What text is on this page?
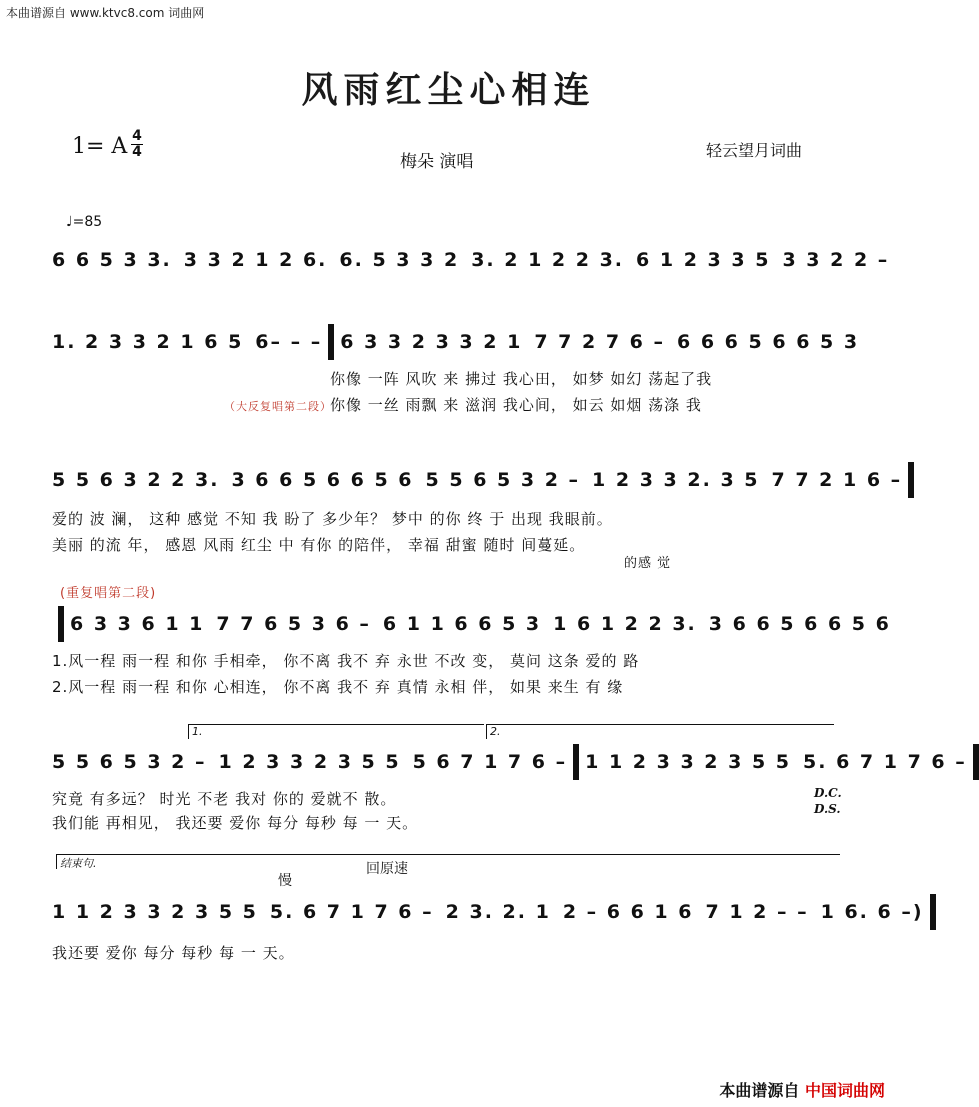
本曲谱源自 www.ktvc8.com 词曲网
风雨红尘心相连
1= A 4
4	梅朵 演唱
轻云望月词曲
♩=85
6 6 5 3 3. 3 3 2 1 2 6. 6. 5 3 3 2 3. 2 1 2 2 3. 6 1 2 3 3 5 3 3 2 2 –
1. 2 3 3 2 1 6 5 6– – – 6 3 3 2 3 3 2 1 7 7 2 7 6 – 6 6 6 5 6 6 5 3
你像 一阵 风吹 来 拂过 我心田， 如梦 如幻 荡起了我
你像 一丝 雨飘 来 滋润 我心间， 如云 如烟 荡涤 我
（大反复唱第二段）
5 5 6 3 2 2 3. 3 6 6 5 6 6 5 6 5 5 6 5 3 2 – 1 2 3 3 2. 3 5 7 7 2 1 6 –
爱的 波 澜， 这种 感觉 不知 我 盼了 多少年？ 梦中 的你 终 于 出现 我眼前。
美丽 的流 年， 感恩 风雨 红尘 中 有你 的陪伴， 幸福 甜蜜 随时 间蔓延。
的感 觉
(重复唱第二段)
6 3 3 6 1 1 7 7 6 5 3 6 – 6 1 1 6 6 5 3 1 6 1 2 2 3. 3 6 6 5 6 6 5 6
1.风一程 雨一程 和你 手相牵， 你不离 我不 弃 永世 不改 变， 莫问 这条 爱的 路
2.风一程 雨一程 和你 心相连， 你不离 我不 弃 真情 永相 伴， 如果 来生 有 缘
1.	2.
5 5 6 5 3 2 – 1 2 3 3 2 3 5 5 5 6 7 1 7 6 – 1 1 2 3 3 2 3 5 5 5. 6 7 1 7 6 –
究竟 有多远？ 时光 不老 我对 你的 爱就不 散。
我们能 再相见， 我还要 爱你 每分 每秒 每 一 天。
D.C.
D.S.
结束句.
慢
回原速
1 1 2 3 3 2 3 5 5 5. 6 7 1 7 6 – 2 3. 2. 1 2 – 6 6 1 6 7 1 2 – – 1 6. 6 –)
我还要 爱你 每分 每秒 每 一 天。
本曲谱源自 中国词曲网
